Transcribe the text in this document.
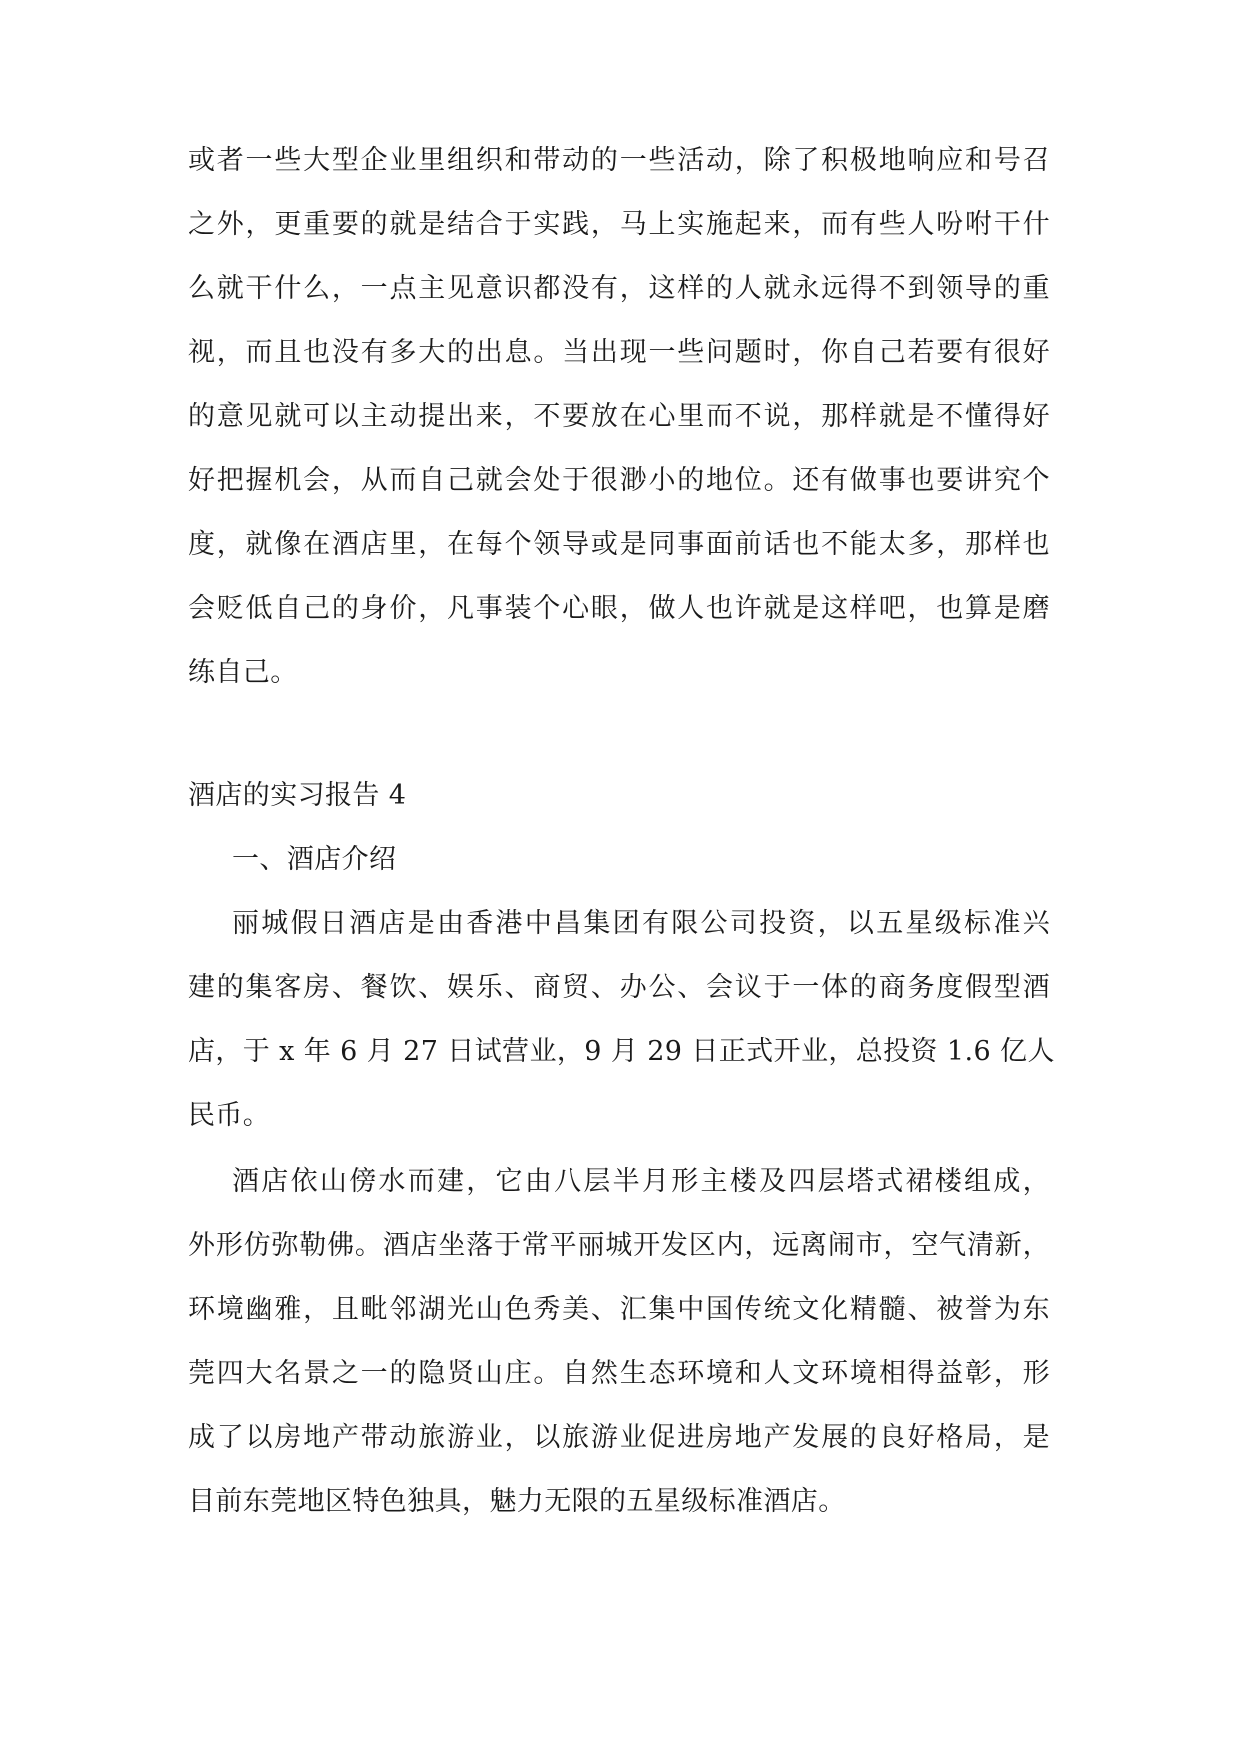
或者一些大型企业里组织和带动的一些活动，除了积极地响应和号召
之外，更重要的就是结合于实践，马上实施起来，而有些人吩咐干什
么就干什么，一点主见意识都没有，这样的人就永远得不到领导的重
视，而且也没有多大的出息。当出现一些问题时，你自己若要有很好
的意见就可以主动提出来，不要放在心里而不说，那样就是不懂得好
好把握机会，从而自己就会处于很渺小的地位。还有做事也要讲究个
度，就像在酒店里，在每个领导或是同事面前话也不能太多，那样也
会贬低自己的身价，凡事装个心眼，做人也许就是这样吧，也算是磨
练自己。
酒店的实习报告 4
一、酒店介绍
丽城假日酒店是由香港中昌集团有限公司投资，以五星级标准兴
建的集客房、餐饮、娱乐、商贸、办公、会议于一体的商务度假型酒
店，于 x 年 6 月 27 日试营业，9 月 29 日正式开业，总投资 1.6 亿人
民币。
酒店依山傍水而建，它由八层半月形主楼及四层塔式裙楼组成，
外形仿弥勒佛。酒店坐落于常平丽城开发区内，远离闹市，空气清新，
环境幽雅，且毗邻湖光山色秀美、汇集中国传统文化精髓、被誉为东
莞四大名景之一的隐贤山庄。自然生态环境和人文环境相得益彰，形
成了以房地产带动旅游业，以旅游业促进房地产发展的良好格局，是
目前东莞地区特色独具，魅力无限的五星级标准酒店。
